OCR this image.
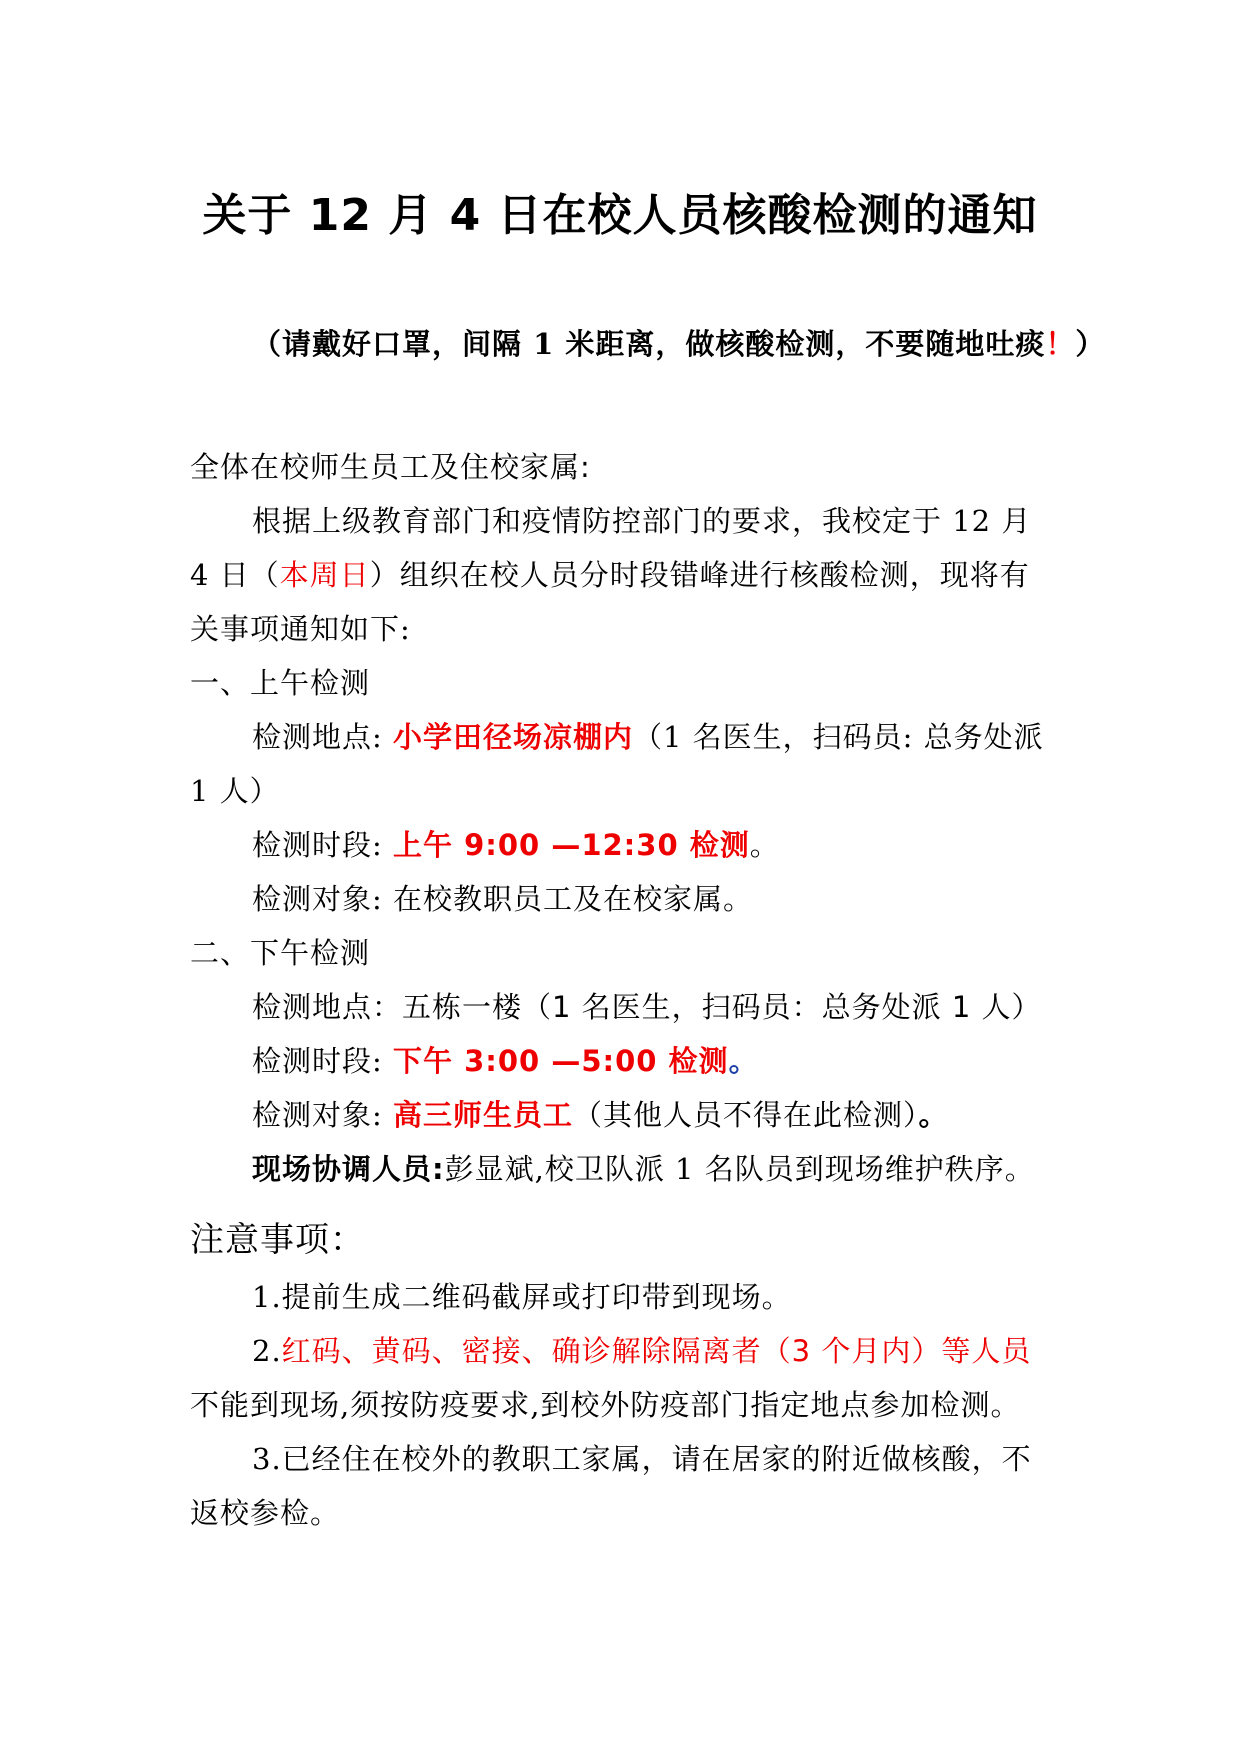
关于 12 月 4 日在校人员核酸检测的通知
（请戴好口罩，间隔 1 米距离，做核酸检测，不要随地吐痰！）

全体在校师生员工及住校家属:

根据上级教育部门和疫情防控部门的要求，我校定于 12 月 4 日（本周日）组织在校人员分时段错峰进行核酸检测，现将有关事项通知如下:

一、上午检测

检测地点: 小学田径场凉棚内（1 名医生，扫码员: 总务处派 1 人）

检测时段: 上午 9:00 —12:30 检测。

检测对象: 在校教职员工及在校家属。

二、下午检测

检测地点：五栋一楼（1 名医生，扫码员：总务处派 1 人）

检测时段: 下午 3:00 —5:00 检测。

检测对象: 高三师生员工（其他人员不得在此检测）。

现场协调人员:彭显斌,校卫队派 1 名队员到现场维护秩序。

注意事项：

1.提前生成二维码截屏或打印带到现场。

2.红码、黄码、密接、确诊解除隔离者（3 个月内）等人员不能到现场,须按防疫要求,到校外防疫部门指定地点参加检测。

3.已经住在校外的教职工家属，请在居家的附近做核酸，不返校参检。
